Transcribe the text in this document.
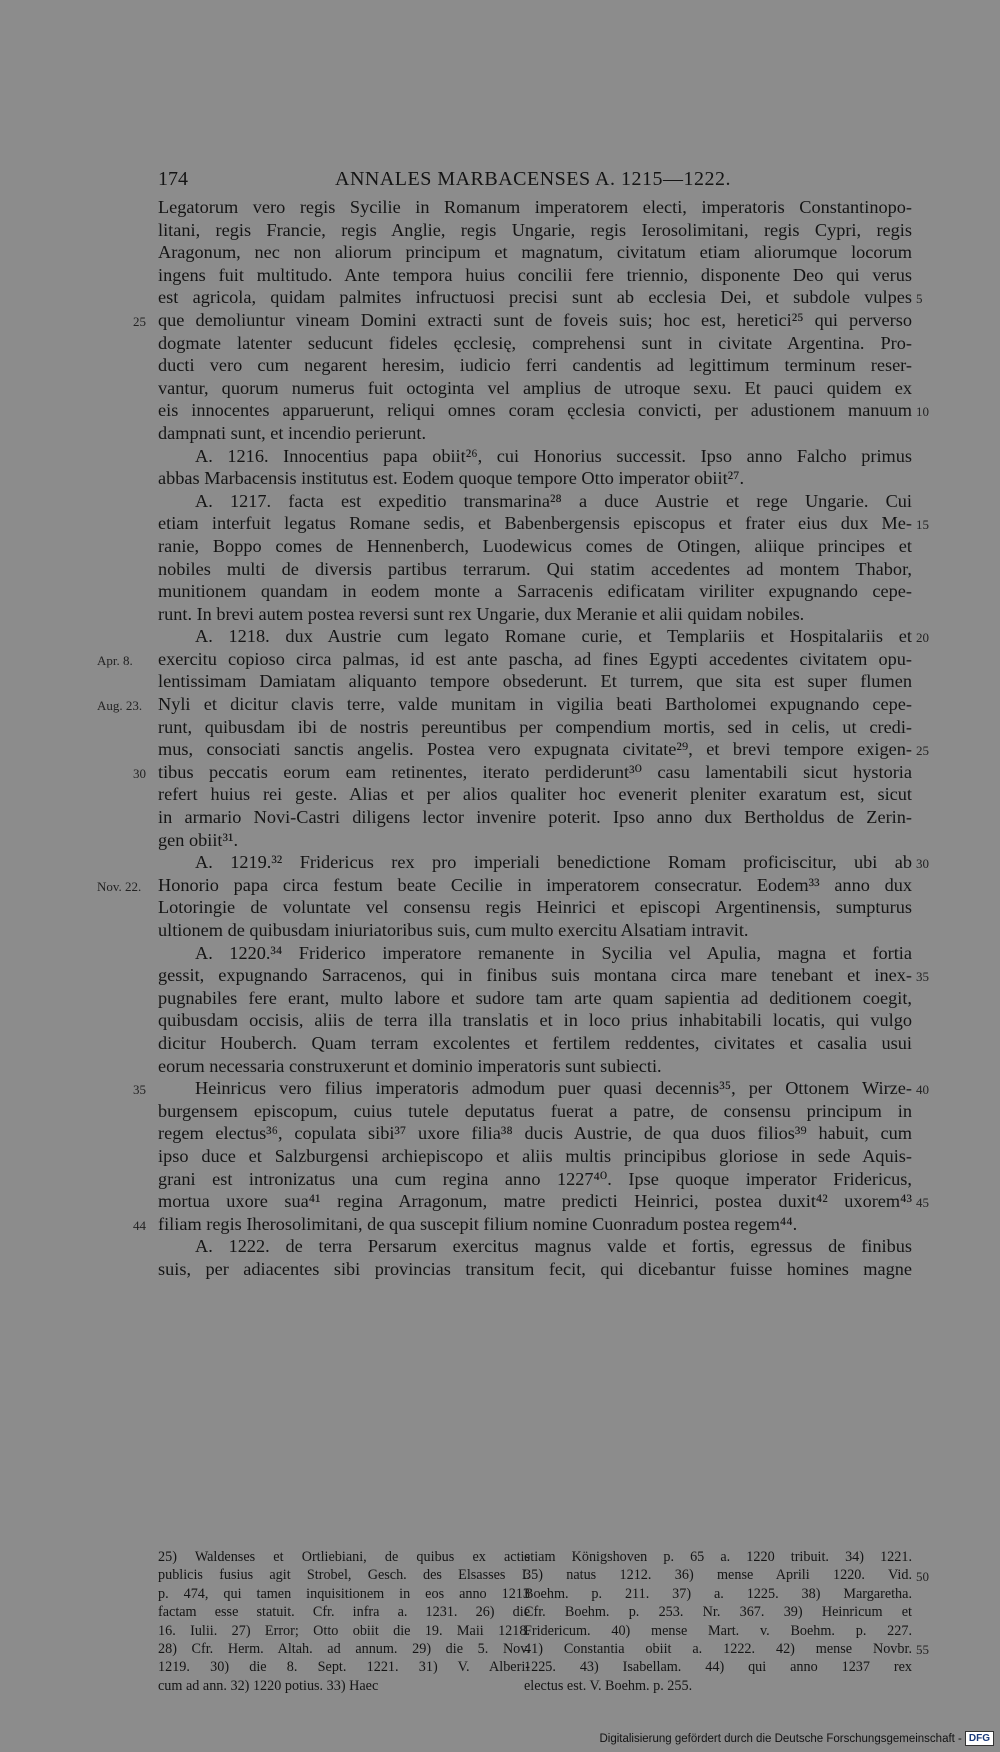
ANNALES MARBACENSES A. 1215—1222.
174
Legatorum vero regis Sycilie in Romanum imperatorem electi, imperatoris Constantinopo-
litani, regis Francie, regis Anglie, regis Ungarie, regis Ierosolimitani, regis Cypri, regis
Aragonum, nec non aliorum principum et magnatum, civitatum etiam aliorumque locorum
ingens fuit multitudo. Ante tempora huius concilii fere triennio, disponente Deo qui verus
est agricola, quidam palmites infructuosi precisi sunt ab ecclesia Dei, et subdole vulpes
que demoliuntur vineam Domini extracti sunt de foveis suis; hoc est, heretici²⁵ qui perverso
dogmate latenter seducunt fideles ęcclesię, comprehensi sunt in civitate Argentina. Pro-
ducti vero cum negarent heresim, iudicio ferri candentis ad legittimum terminum reser-
vantur, quorum numerus fuit octoginta vel amplius de utroque sexu. Et pauci quidem ex
eis innocentes apparuerunt, reliqui omnes coram ęcclesia convicti, per adustionem manuum
dampnati sunt, et incendio perierunt.
A. 1216. Innocentius papa obiit²⁶, cui Honorius successit. Ipso anno Falcho primus
abbas Marbacensis institutus est. Eodem quoque tempore Otto imperator obiit²⁷.
A. 1217. facta est expeditio transmarina²⁸ a duce Austrie et rege Ungarie. Cui
etiam interfuit legatus Romane sedis, et Babenbergensis episcopus et frater eius dux Me-
ranie, Boppo comes de Hennenberch, Luodewicus comes de Otingen, aliique principes et
nobiles multi de diversis partibus terrarum. Qui statim accedentes ad montem Thabor,
munitionem quandam in eodem monte a Sarracenis edificatam viriliter expugnando cepe-
runt. In brevi autem postea reversi sunt rex Ungarie, dux Meranie et alii quidam nobiles.
A. 1218. dux Austrie cum legato Romane curie, et Templariis et Hospitalariis et
exercitu copioso circa palmas, id est ante pascha, ad fines Egypti accedentes civitatem opu-
lentissimam Damiatam aliquanto tempore obsederunt. Et turrem, que sita est super flumen
Nyli et dicitur clavis terre, valde munitam in vigilia beati Bartholomei expugnando cepe-
runt, quibusdam ibi de nostris pereuntibus per compendium mortis, sed in celis, ut credi-
mus, consociati sanctis angelis. Postea vero expugnata civitate²⁹, et brevi tempore exigen-
tibus peccatis eorum eam retinentes, iterato perdiderunt³⁰ casu lamentabili sicut hystoria
refert huius rei geste. Alias et per alios qualiter hoc evenerit pleniter exaratum est, sicut
in armario Novi-Castri diligens lector invenire poterit. Ipso anno dux Bertholdus de Zerin-
gen obiit³¹.
A. 1219.³² Fridericus rex pro imperiali benedictione Romam proficiscitur, ubi ab
Honorio papa circa festum beate Cecilie in imperatorem consecratur. Eodem³³ anno dux
Lotoringie de voluntate vel consensu regis Heinrici et episcopi Argentinensis, sumpturus
ultionem de quibusdam iniuriatoribus suis, cum multo exercitu Alsatiam intravit.
A. 1220.³⁴ Friderico imperatore remanente in Sycilia vel Apulia, magna et fortia
gessit, expugnando Sarracenos, qui in finibus suis montana circa mare tenebant et inex-
pugnabiles fere erant, multo labore et sudore tam arte quam sapientia ad deditionem coegit,
quibusdam occisis, aliis de terra illa translatis et in loco prius inhabitabili locatis, qui vulgo
dicitur Houberch. Quam terram excolentes et fertilem reddentes, civitates et casalia usui
eorum necessaria construxerunt et dominio imperatoris sunt subiecti.
Heinricus vero filius imperatoris admodum puer quasi decennis³⁵, per Ottonem Wirze-
burgensem episcopum, cuius tutele deputatus fuerat a patre, de consensu principum in
regem electus³⁶, copulata sibi³⁷ uxore filia³⁸ ducis Austrie, de qua duos filios³⁹ habuit, cum
ipso duce et Salzburgensi archiepiscopo et aliis multis principibus gloriose in sede Aquis-
grani est intronizatus una cum regina anno 1227⁴⁰. Ipse quoque imperator Fridericus,
mortua uxore sua⁴¹ regina Arragonum, matre predicti Heinrici, postea duxit⁴² uxorem⁴³
filiam regis Iherosolimitani, de qua suscepit filium nomine Cuonradum postea regem⁴⁴.
A. 1222. de terra Persarum exercitus magnus valde et fortis, egressus de finibus
suis, per adiacentes sibi provincias transitum fecit, qui dicebantur fuisse homines magne
5
25
10
15
20
Apr. 8.
Aug. 23.
25
30
30
Nov. 22.
35
40
35
45
44
25) Waldenses et Ortliebiani, de quibus ex actis
publicis fusius agit Strobel, Gesch. des Elsasses I.
p. 474, qui tamen inquisitionem in eos anno 1213
factam esse statuit. Cfr. infra a. 1231. 26) die
16. Iulii. 27) Error; Otto obiit die 19. Maii 1218.
28) Cfr. Herm. Altah. ad annum. 29) die 5. Nov.
1219. 30) die 8. Sept. 1221. 31) V. Alberi-
cum ad ann. 32) 1220 potius. 33) Haec
etiam Königshoven p. 65 a. 1220 tribuit. 34) 1221.
35) natus 1212. 36) mense Aprili 1220. Vid.
Boehm. p. 211. 37) a. 1225. 38) Margaretha.
Cfr. Boehm. p. 253. Nr. 367. 39) Heinricum et
Fridericum. 40) mense Mart. v. Boehm. p. 227.
41) Constantia obiit a. 1222. 42) mense Novbr.
1225. 43) Isabellam. 44) qui anno 1237 rex
electus est. V. Boehm. p. 255.
50
55
Digitalisierung gefördert durch die Deutsche Forschungsgemeinschaft - DFG
